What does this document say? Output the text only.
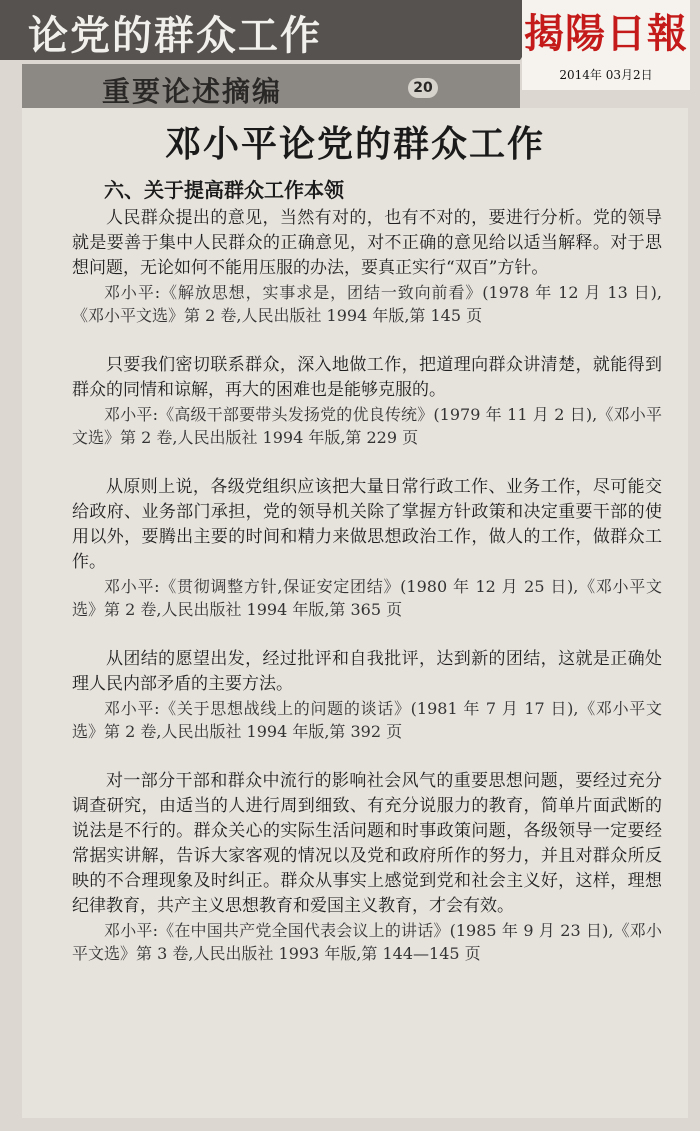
论党的群众工作	揭陽日報
2014年 03月2日
重要论述摘编	20
邓小平论党的群众工作
六、关于提高群众工作本领

人民群众提出的意见，当然有对的，也有不对的，要进行分析。党的领导就是要善于集中人民群众的正确意见，对不正确的意见给以适当解释。对于思想问题，无论如何不能用压服的办法，要真正实行“双百”方针。

邓小平:《解放思想，实事求是，团结一致向前看》(1978 年 12 月 13 日),《邓小平文选》第 2 卷,人民出版社 1994 年版,第 145 页

只要我们密切联系群众，深入地做工作，把道理向群众讲清楚，就能得到群众的同情和谅解，再大的困难也是能够克服的。

邓小平:《高级干部要带头发扬党的优良传统》(1979 年 11 月 2 日),《邓小平文选》第 2 卷,人民出版社 1994 年版,第 229 页

从原则上说，各级党组织应该把大量日常行政工作、业务工作，尽可能交给政府、业务部门承担，党的领导机关除了掌握方针政策和决定重要干部的使用以外，要腾出主要的时间和精力来做思想政治工作，做人的工作，做群众工作。

邓小平:《贯彻调整方针,保证安定团结》(1980 年 12 月 25 日),《邓小平文选》第 2 卷,人民出版社 1994 年版,第 365 页

从团结的愿望出发，经过批评和自我批评，达到新的团结，这就是正确处理人民内部矛盾的主要方法。

邓小平:《关于思想战线上的问题的谈话》(1981 年 7 月 17 日),《邓小平文选》第 2 卷,人民出版社 1994 年版,第 392 页

对一部分干部和群众中流行的影响社会风气的重要思想问题，要经过充分调查研究，由适当的人进行周到细致、有充分说服力的教育，简单片面武断的说法是不行的。群众关心的实际生活问题和时事政策问题，各级领导一定要经常据实讲解，告诉大家客观的情况以及党和政府所作的努力，并且对群众所反映的不合理现象及时纠正。群众从事实上感觉到党和社会主义好，这样，理想纪律教育，共产主义思想教育和爱国主义教育，才会有效。

邓小平:《在中国共产党全国代表会议上的讲话》(1985 年 9 月 23 日),《邓小平文选》第 3 卷,人民出版社 1993 年版,第 144—145 页
